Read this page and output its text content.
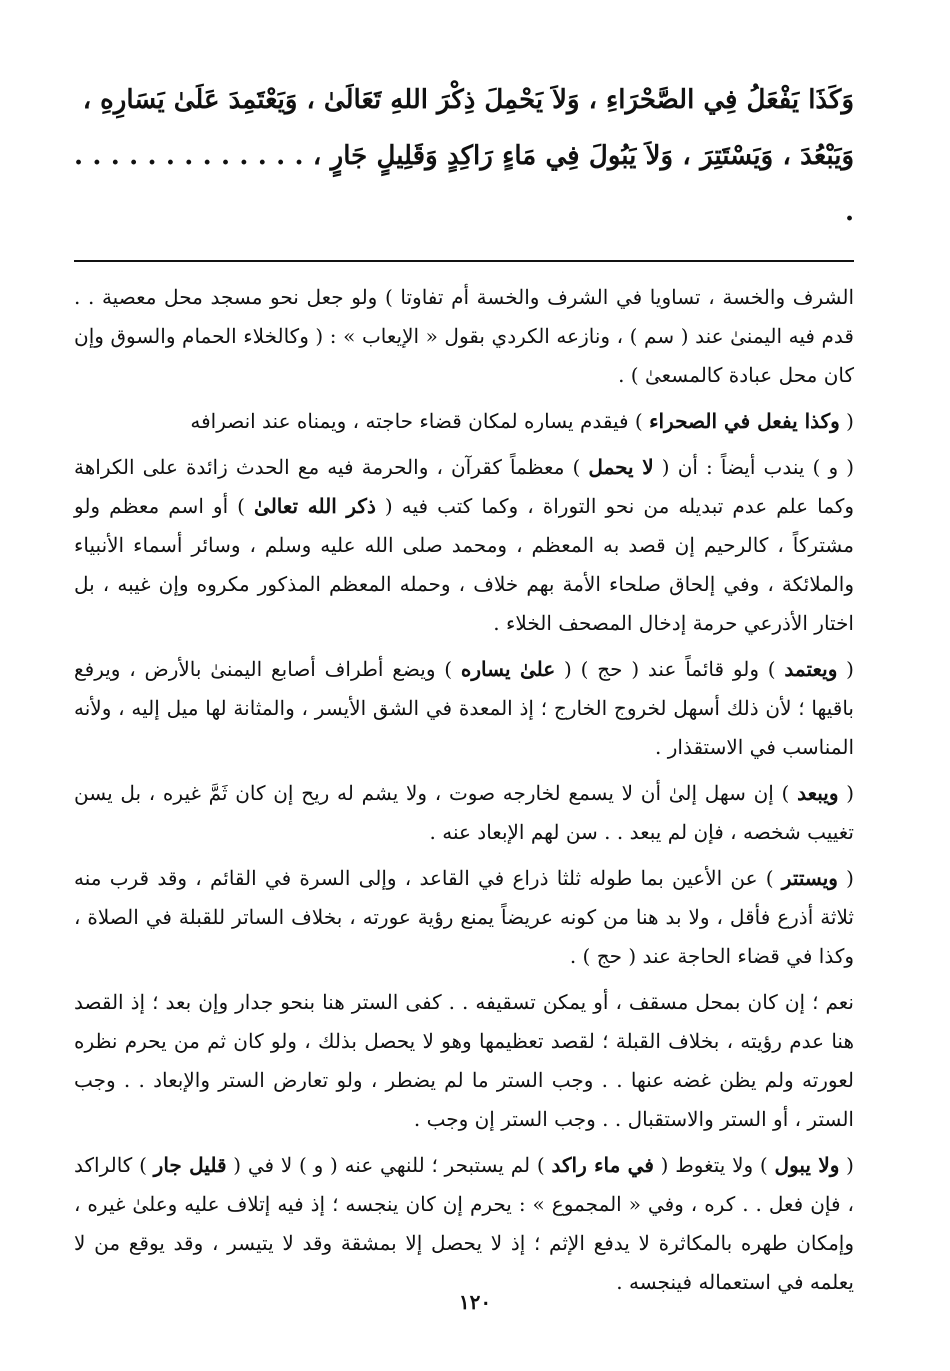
وَكَذَا يَفْعَلُ فِي الصَّحْرَاءِ ، وَلاَ يَحْمِلَ ذِكْرَ اللهِ تَعَالَىٰ ، وَيَعْتَمِدَ عَلَىٰ يَسَارِهِ ،
وَيَبْعُدَ ، وَيَسْتَتِرَ ، وَلاَ يَبُولَ فِي مَاءٍ رَاكِدٍ وَقَلِيلٍ جَارٍ ، . . . . . . . . . . . . . .

الشرف والخسة ، تساويا في الشرف والخسة أم تفاوتا ) ولو جعل نحو مسجد محل معصية . . قدم فيه اليمنىٰ عند ( سم ) ، ونازعه الكردي بقول « الإيعاب » : ( وكالخلاء الحمام والسوق وإن كان محل عبادة كالمسعىٰ ) .

( وكذا يفعل في الصحراء ) فيقدم يساره لمكان قضاء حاجته ، ويمناه عند انصرافه

( و ) يندب أيضاً : أن ( لا يحمل ) معظماً كقرآن ، والحرمة فيه مع الحدث زائدة على الكراهة وكما علم عدم تبديله من نحو التوراة ، وكما كتب فيه ( ذكر الله تعالىٰ ) أو اسم معظم ولو مشتركاً ، كالرحيم إن قصد به المعظم ، ومحمد صلى الله عليه وسلم ، وسائر أسماء الأنبياء والملائكة ، وفي إلحاق صلحاء الأمة بهم خلاف ، وحمله المعظم المذكور مكروه وإن غيبه ، بل اختار الأذرعي حرمة إدخال المصحف الخلاء .

( ويعتمد ) ولو قائماً عند ( حج ) ( علىٰ يساره ) ويضع أطراف أصابع اليمنىٰ بالأرض ، ويرفع باقيها ؛ لأن ذلك أسهل لخروج الخارج ؛ إذ المعدة في الشق الأيسر ، والمثانة لها ميل إليه ، ولأنه المناسب في الاستقذار .

( ويبعد ) إن سهل إلىٰ أن لا يسمع لخارجه صوت ، ولا يشم له ريح إن كان ثَمَّ غيره ، بل يسن تغييب شخصه ، فإن لم يبعد . . سن لهم الإبعاد عنه .

( ويستتر ) عن الأعين بما طوله ثلثا ذراع في القاعد ، وإلى السرة في القائم ، وقد قرب منه ثلاثة أذرع فأقل ، ولا بد هنا من كونه عريضاً يمنع رؤية عورته ، بخلاف الساتر للقبلة في الصلاة ، وكذا في قضاء الحاجة عند ( حج ) .

نعم ؛ إن كان بمحل مسقف ، أو يمكن تسقيفه . . كفى الستر هنا بنحو جدار وإن بعد ؛ إذ القصد هنا عدم رؤيته ، بخلاف القبلة ؛ لقصد تعظيمها وهو لا يحصل بذلك ، ولو كان ثم من يحرم نظره لعورته ولم يظن غضه عنها . . وجب الستر ما لم يضطر ، ولو تعارض الستر والإبعاد . . وجب الستر ، أو الستر والاستقبال . . وجب الستر إن وجب .

( ولا يبول ) ولا يتغوط ( في ماء راكد ) لم يستبحر ؛ للنهي عنه ( و ) لا في ( قليل جار ) كالراكد ، فإن فعل . . كره ، وفي « المجموع » : يحرم إن كان ينجسه ؛ إذ فيه إتلاف عليه وعلىٰ غيره ، وإمكان طهره بالمكاثرة لا يدفع الإثم ؛ إذ لا يحصل إلا بمشقة وقد لا يتيسر ، وقد يوقع من لا يعلمه في استعماله فينجسه .

١٢٠
